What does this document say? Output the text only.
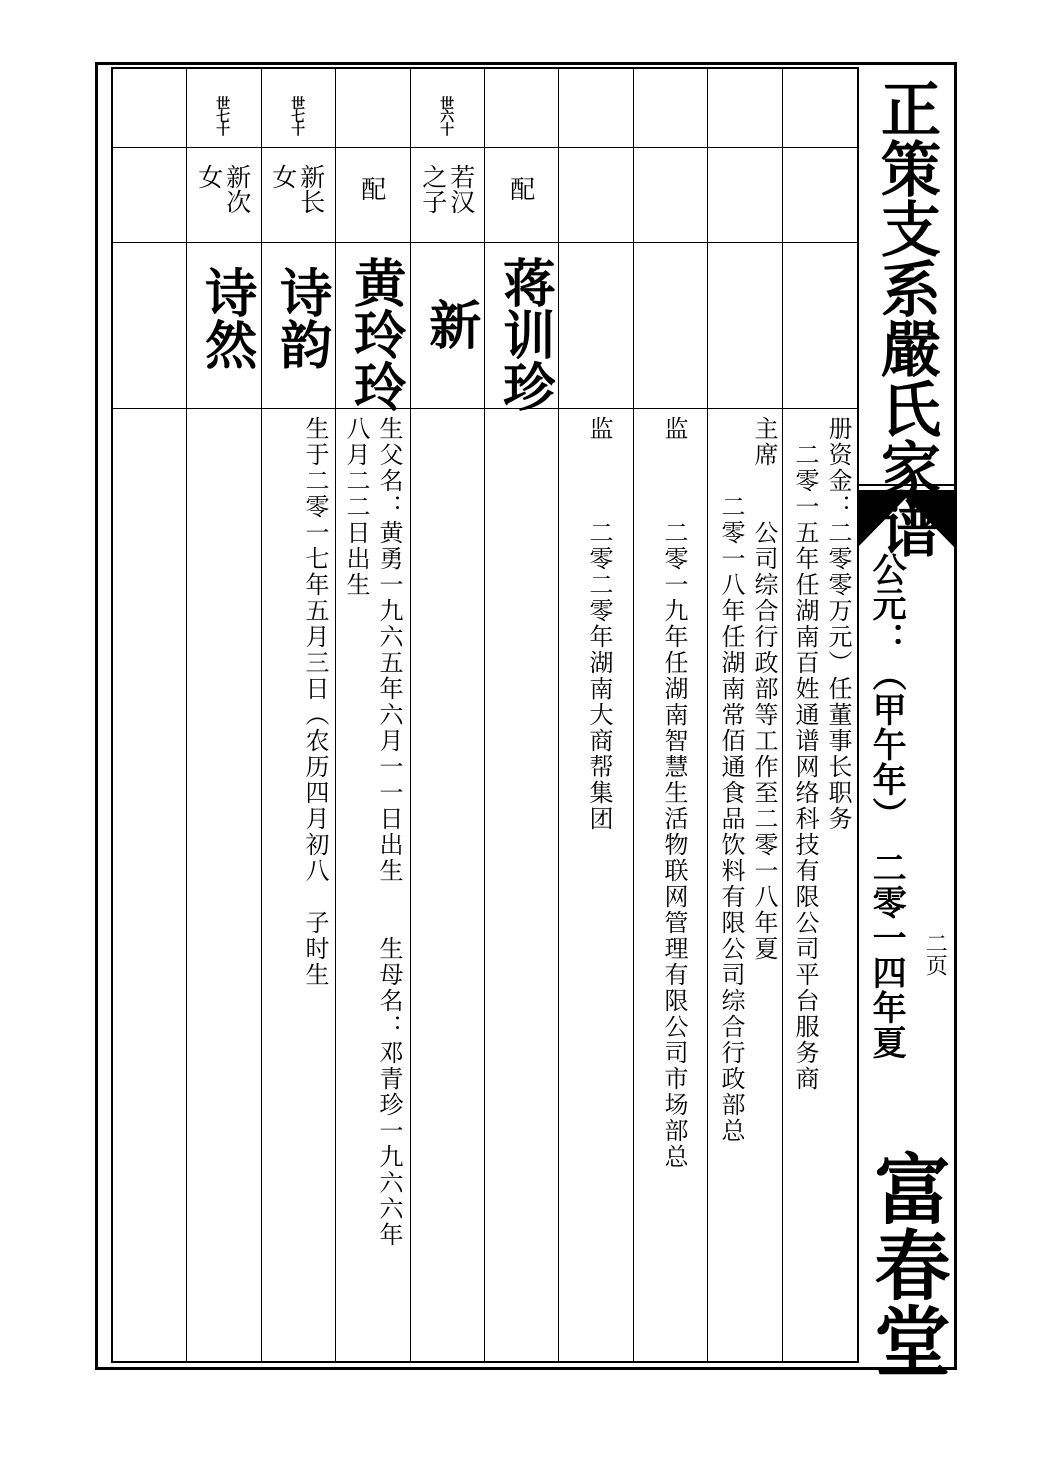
正策支系嚴氏家谱
公元：（甲午年）　二零一四年夏 二页
富春堂
册资金：二零零万元）任董事长职务
　二零一五年任湖南百姓通谱网络科技有限公司平台服务商
主席　　公司综合行政部等工作至二零一八年夏
　　　二零一八年任湖南常佰通食品饮料有限公司综合行政部总
监　　　二零一九年任湖南智慧生活物联网管理有限公司市场部总
监　　　二零二零年湖南大商帮集团
配
蒋训珍
世六十
若汉
之子
新
配
黄玲玲
生父名：黄勇一九六五年六月一一日出生　　生母名：邓青珍一九六六年
八月二二日出生
世七十
新长
女
诗韵
生于二零一七年五月三日（农历四月初八　子时生
世七十
新次
女
诗然
